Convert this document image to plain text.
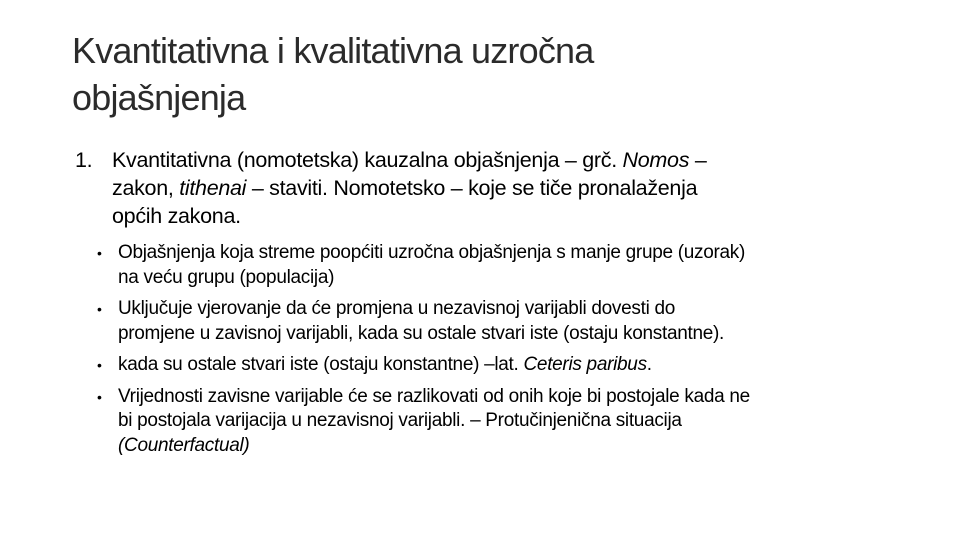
Kvantitativna i kvalitativna uzročna
objašnjenja
1. Kvantitativna (nomotetska) kauzalna objašnjenja – grč. Nomos –
zakon, tithenai – staviti. Nomotetsko – koje se tiče pronalaženja
općih zakona.
• Objašnjenja koja streme poopćiti uzročna objašnjenja s manje grupe (uzorak)
na veću grupu (populacija)
• Uključuje vjerovanje da će promjena u nezavisnoj varijabli dovesti do
promjene u zavisnoj varijabli, kada su ostale stvari iste (ostaju konstantne).
• kada su ostale stvari iste (ostaju konstantne) –lat. Ceteris paribus.
• Vrijednosti zavisne varijable će se razlikovati od onih koje bi postojale kada ne
bi postojala varijacija u nezavisnoj varijabli. – Protučinjenična situacija
(Counterfactual)
